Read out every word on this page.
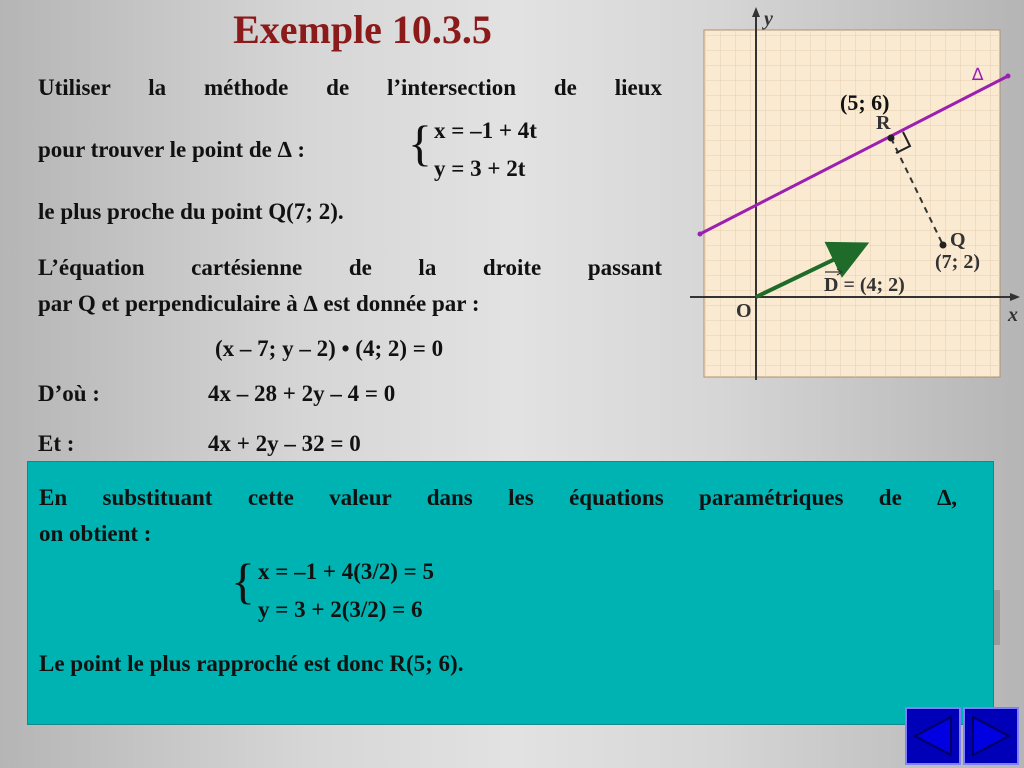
Exemple 10.3.5
Utiliser la méthode de l’intersection de lieux
pour trouver le point de ∆ : { x = –1 + 4t
y = 3 + 2t
le plus proche du point Q(7; 2).
L’équation cartésienne de la droite passant
par Q et perpendiculaire à ∆ est donnée par :
(x – 7; y – 2) • (4; 2) = 0
D’où :	4x – 28 + 2y – 4 = 0
Et :	4x + 2y – 32 = 0
x
y
O
∆
R
(5; 6)
Q
(7; 2)
D = (4; 2)
En substituant cette valeur dans les équations paramétriques de ∆,
on obtient :
{ x = –1 + 4(3/2) = 5
y = 3 + 2(3/2) = 6
Le point le plus rapproché est donc R(5; 6).
